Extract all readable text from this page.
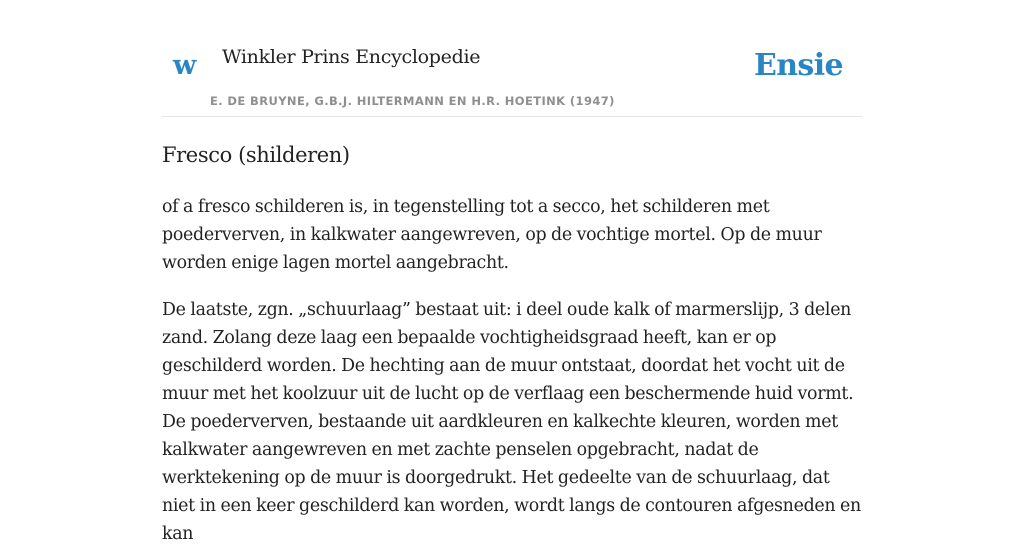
w Winkler Prins Encyclopedie
E. DE BRUYNE, G.B.J. HILTERMANN EN H.R. HOETINK (1947)
Ensie
Fresco (shilderen)

of a fresco schilderen is, in tegenstelling tot a secco, het schilderen met poederverven, in kalkwater aangewreven, op de vochtige mortel. Op de muur worden enige lagen mortel aangebracht.

De laatste, zgn. „schuurlaag” bestaat uit: i deel oude kalk of marmerslijp, 3 delen zand. Zolang deze laag een bepaalde vochtigheidsgraad heeft, kan er op geschilderd worden. De hechting aan de muur ontstaat, doordat het vocht uit de muur met het koolzuur uit de lucht op de verflaag een beschermende huid vormt. De poederverven, bestaande uit aardkleuren en kalkechte kleuren, worden met kalkwater aangewreven en met zachte penselen opgebracht, nadat de werktekening op de muur is doorgedrukt. Het gedeelte van de schuurlaag, dat niet in een keer geschilderd kan worden, wordt langs de contouren afgesneden en kan
